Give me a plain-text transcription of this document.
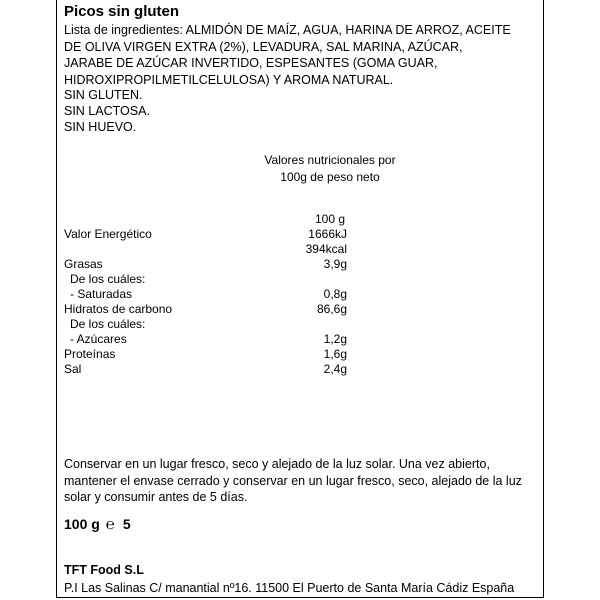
Picos sin gluten
Lista de ingredientes: ALMIDÓN DE MAÍZ, AGUA, HARINA DE ARROZ, ACEITE
DE OLIVA VIRGEN EXTRA (2%), LEVADURA, SAL MARINA, AZÚCAR,
JARABE DE AZÚCAR INVERTIDO, ESPESANTES (GOMA GUAR,
HIDROXIPROPILMETILCELULOSA) Y AROMA NATURAL.
SIN GLUTEN.
SIN LACTOSA.
SIN HUEVO.
Valores nutricionales por
100g de peso neto
100 g
Valor Energético	1666kJ
394kcal
Grasas	3,9g
De los cuáles:
- Saturadas	0,8g
Hidratos de carbono	86,6g
De los cuáles:
- Azúcares	1,2g
Proteínas	1,6g
Sal	2,4g
Conservar en un lugar fresco, seco y alejado de la luz solar. Una vez abierto,
mantener el envase cerrado y conservar en un lugar fresco, seco, alejado de la luz
solar y consumir antes de 5 días.
100 g ℮ 5
TFT Food S.L
P.I Las Salinas C/ manantial nº16. 11500 El Puerto de Santa María Cádiz España
